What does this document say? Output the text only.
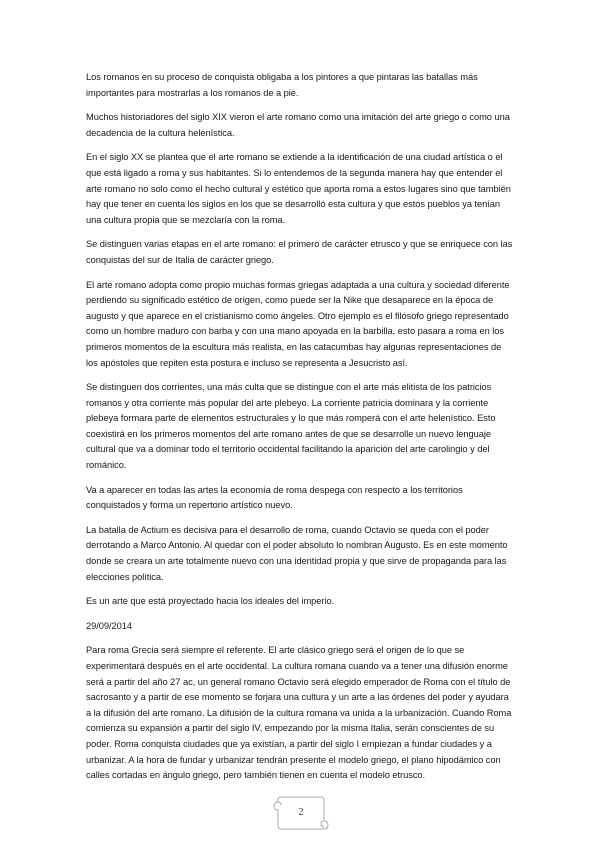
Los romanos en su proceso de conquista obligaba a los pintores a que pintaras las batallas más importantes para mostrarlas a los romanos de a pie.

Muchos historiadores del siglo XIX vieron el arte romano como una imitación del arte griego o como una decadencia de la cultura helenística.

En el siglo XX se plantea que el arte romano se extiende a la identificación de una ciudad artística o el que está ligado a roma y sus habitantes. Si lo entendemos de la segunda manera hay que entender el arte romano no solo como el hecho cultural y estético que aporta roma a estos lugares sino que también hay que tener en cuenta los siglos en los que se desarrolló esta cultura y que estos pueblos ya tenían una cultura propia que se mezclaría con la roma.

Se distinguen varias etapas en el arte romano: el primero de carácter etrusco y que se enriquece con las conquistas del sur de Italia de carácter griego.

El arte romano adopta como propio muchas formas griegas adaptada a una cultura y sociedad diferente perdiendo su significado estético de origen, como puede ser la Nike que desaparece en la época de augusto y que aparece en el cristianismo como ángeles. Otro ejemplo es el filósofo griego representado como un hombre maduro con barba y con una mano apoyada en la barbilla, esto pasara a roma en los primeros momentos de la escultura más realista, en las catacumbas hay algunas representaciones de los apóstoles que repiten esta postura e incluso se representa a Jesucristo así.

Se distinguen dos corrientes, una más culta que se distingue con el arte más elitista de los patricios romanos y otra corriente más popular del arte plebeyo. La corriente patricia dominara y la corriente plebeya formara parte de elementos estructurales y lo que más romperá con el arte helenístico. Esto coexistirá en los primeros momentos del arte romano antes de que se desarrolle un nuevo lenguaje cultural que va a dominar todo el territorio occidental facilitando la aparición del arte carolingio y del románico.

Va a aparecer en todas las artes la economía de roma despega con respecto a los territorios conquistados y forma un repertorio artístico nuevo.

La batalla de Actium es decisiva para el desarrollo de roma, cuando Octavio se queda con el poder derrotando a Marco Antonio. Al quedar con el poder absoluto lo nombran Augusto. Es en este momento donde se creara un arte totalmente nuevo con una identidad propia y que sirve de propaganda para las elecciones política.

Es un arte que está proyectado hacia los ideales del imperio.

29/09/2014

Para roma Grecia será siempre el referente. El arte clásico griego será el origen de lo que se experimentará después en el arte occidental. La cultura romana cuando va a tener una difusión enorme será a partir del año 27 ac, un general romano Octavio será elegido emperador de Roma con el título de sacrosanto y a partir de ese momento se forjara una cultura y un arte a las órdenes del poder y ayudara a la difusión del arte romano. La difusión de la cultura romana va unida a la urbanización. Cuando Roma comienza su expansión a partir del siglo IV, empezando por la misma Italia, serán conscientes de su poder. Roma conquista ciudades que ya existían, a partir del siglo I empiezan a fundar ciudades y a urbanizar. A la hora de fundar y urbanizar tendrán presente el modelo griego, el plano hipodámico con calles cortadas en ángulo griego, pero también tienen en cuenta el modelo etrusco.

2
